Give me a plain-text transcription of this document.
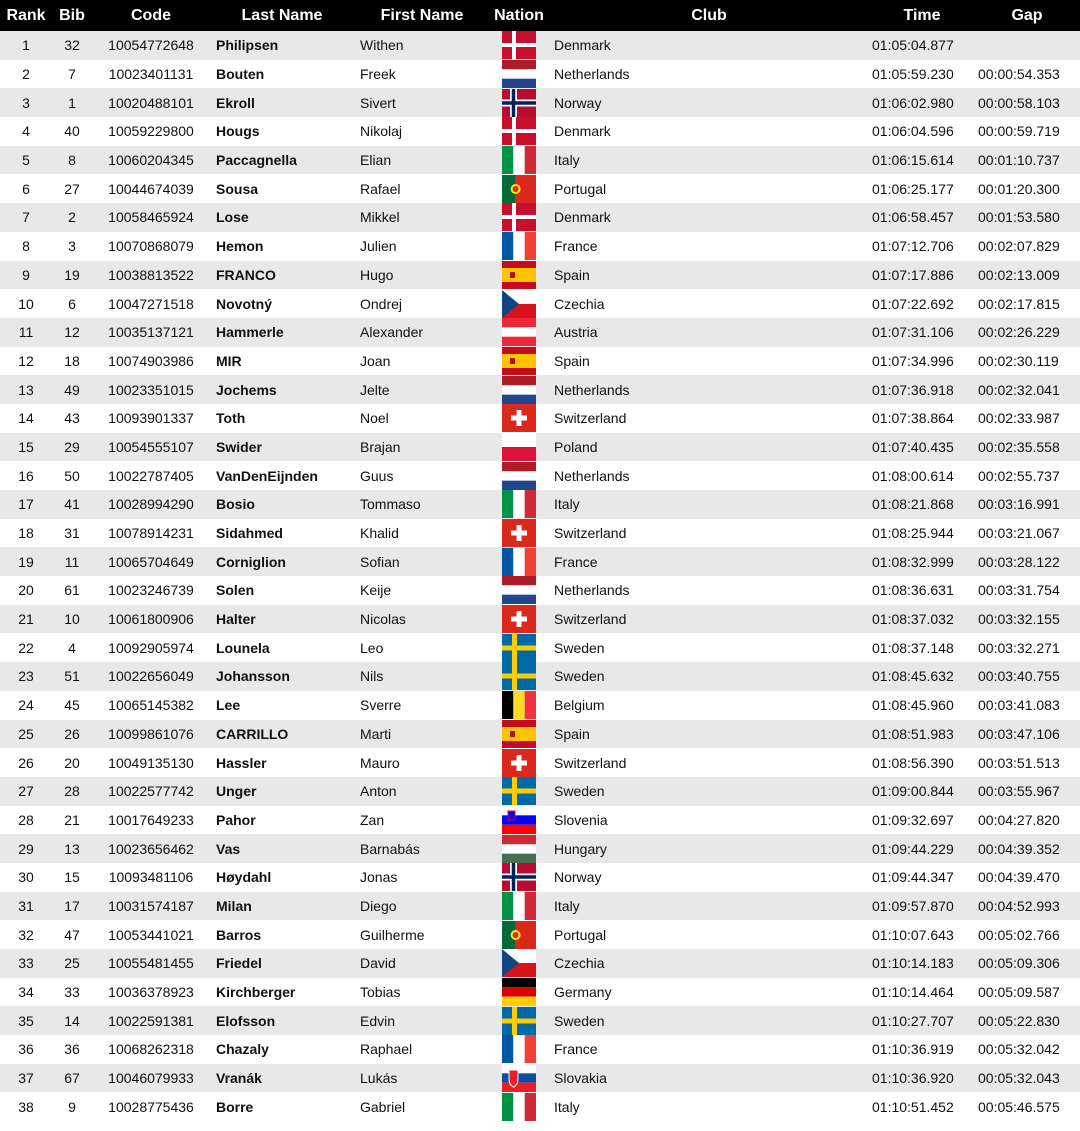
Rank	Bib	Code	Last Name	First Name	Nation	Club	Time	Gap
1	32	10054772648	Philipsen	Withen		Denmark	01:05:04.877	
2	7	10023401131	Bouten	Freek		Netherlands	01:05:59.230	00:00:54.353
3	1	10020488101	Ekroll	Sivert		Norway	01:06:02.980	00:00:58.103
4	40	10059229800	Hougs	Nikolaj		Denmark	01:06:04.596	00:00:59.719
5	8	10060204345	Paccagnella	Elian		Italy	01:06:15.614	00:01:10.737
6	27	10044674039	Sousa	Rafael		Portugal	01:06:25.177	00:01:20.300
7	2	10058465924	Lose	Mikkel		Denmark	01:06:58.457	00:01:53.580
8	3	10070868079	Hemon	Julien		France	01:07:12.706	00:02:07.829
9	19	10038813522	FRANCO	Hugo		Spain	01:07:17.886	00:02:13.009
10	6	10047271518	Novotný	Ondrej		Czechia	01:07:22.692	00:02:17.815
11	12	10035137121	Hammerle	Alexander		Austria	01:07:31.106	00:02:26.229
12	18	10074903986	MIR	Joan		Spain	01:07:34.996	00:02:30.119
13	49	10023351015	Jochems	Jelte		Netherlands	01:07:36.918	00:02:32.041
14	43	10093901337	Toth	Noel		Switzerland	01:07:38.864	00:02:33.987
15	29	10054555107	Swider	Brajan		Poland	01:07:40.435	00:02:35.558
16	50	10022787405	VanDenEijnden	Guus		Netherlands	01:08:00.614	00:02:55.737
17	41	10028994290	Bosio	Tommaso		Italy	01:08:21.868	00:03:16.991
18	31	10078914231	Sidahmed	Khalid		Switzerland	01:08:25.944	00:03:21.067
19	11	10065704649	Corniglion	Sofian		France	01:08:32.999	00:03:28.122
20	61	10023246739	Solen	Keije		Netherlands	01:08:36.631	00:03:31.754
21	10	10061800906	Halter	Nicolas		Switzerland	01:08:37.032	00:03:32.155
22	4	10092905974	Lounela	Leo		Sweden	01:08:37.148	00:03:32.271
23	51	10022656049	Johansson	Nils		Sweden	01:08:45.632	00:03:40.755
24	45	10065145382	Lee	Sverre		Belgium	01:08:45.960	00:03:41.083
25	26	10099861076	CARRILLO	Marti		Spain	01:08:51.983	00:03:47.106
26	20	10049135130	Hassler	Mauro		Switzerland	01:08:56.390	00:03:51.513
27	28	10022577742	Unger	Anton		Sweden	01:09:00.844	00:03:55.967
28	21	10017649233	Pahor	Zan		Slovenia	01:09:32.697	00:04:27.820
29	13	10023656462	Vas	Barnabás		Hungary	01:09:44.229	00:04:39.352
30	15	10093481106	Høydahl	Jonas		Norway	01:09:44.347	00:04:39.470
31	17	10031574187	Milan	Diego		Italy	01:09:57.870	00:04:52.993
32	47	10053441021	Barros	Guilherme		Portugal	01:10:07.643	00:05:02.766
33	25	10055481455	Friedel	David		Czechia	01:10:14.183	00:05:09.306
34	33	10036378923	Kirchberger	Tobias		Germany	01:10:14.464	00:05:09.587
35	14	10022591381	Elofsson	Edvin		Sweden	01:10:27.707	00:05:22.830
36	36	10068262318	Chazaly	Raphael		France	01:10:36.919	00:05:32.042
37	67	10046079933	Vranák	Lukás		Slovakia	01:10:36.920	00:05:32.043
38	9	10028775436	Borre	Gabriel		Italy	01:10:51.452	00:05:46.575
